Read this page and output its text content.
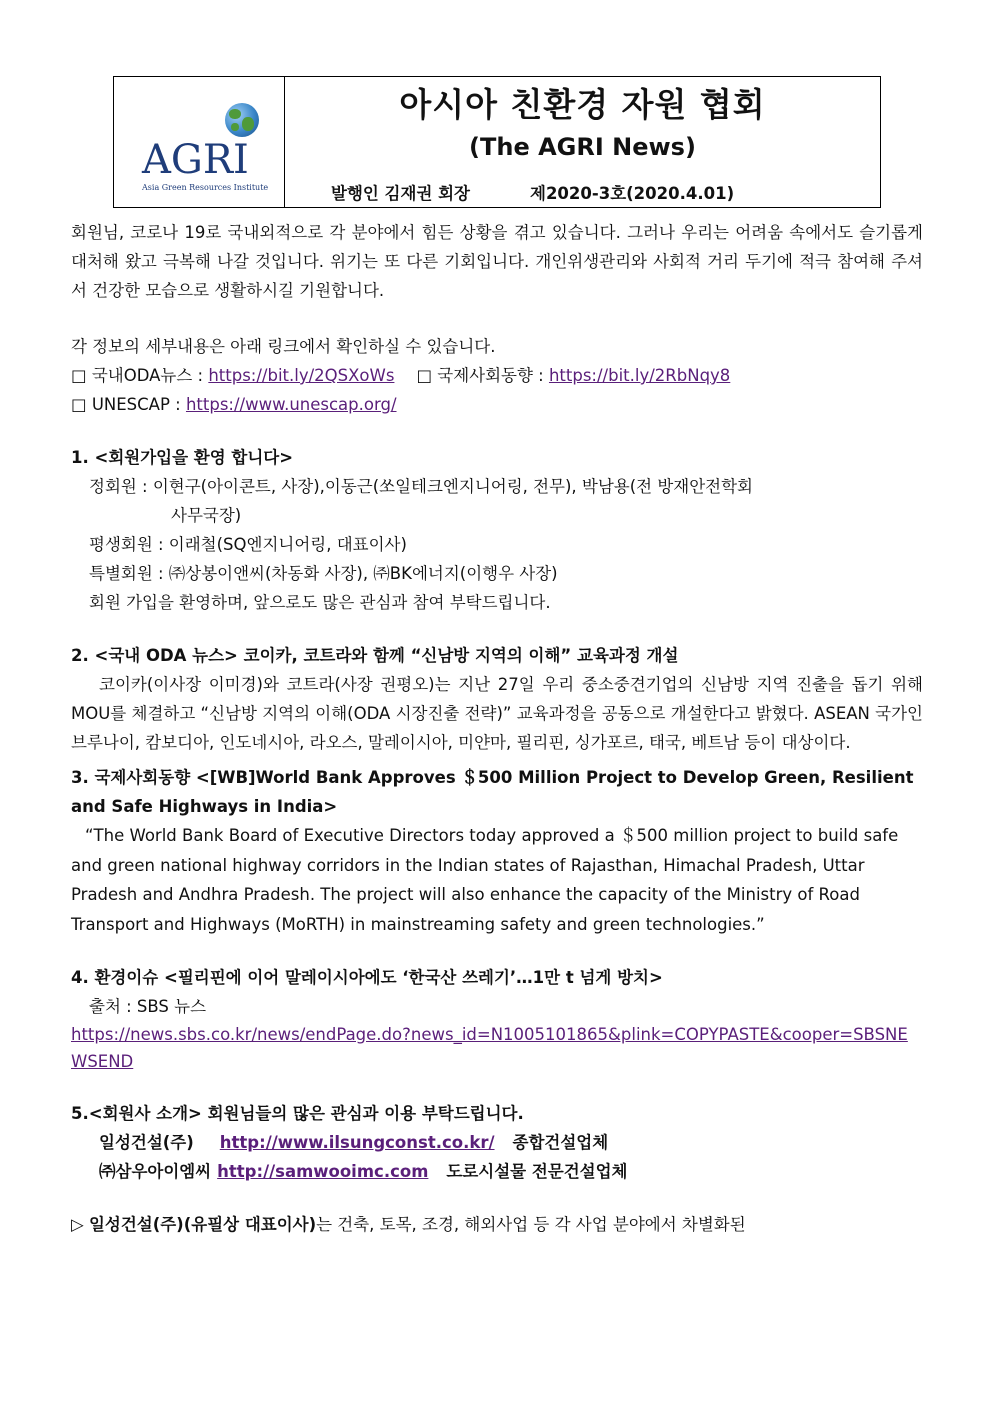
AGRI
Asia Green Resources Institute
아시아 친환경 자원 협회
(The AGRI News)
발행인 김재권 회장	제2020-3호(2020.4.01)

회원님, 코로나 19로 국내외적으로 각 분야에서 힘든 상황을 겪고 있습니다. 그러나 우리는 어려움 속에서도 슬기롭게 대처해 왔고 극복해 나갈 것입니다. 위기는 또 다른 기회입니다. 개인위생관리와 사회적 거리 두기에 적극 참여해 주셔서 건강한 모습으로 생활하시길 기원합니다.

각 정보의 세부내용은 아래 링크에서 확인하실 수 있습니다.

□ 국내ODA뉴스 : https://bit.ly/2QSXoWs □ 국제사회동향 : https://bit.ly/2RbNqy8

□ UNESCAP : https://www.unescap.org/

1. <회원가입을 환영 합니다>

정회원 : 이현구(아이콘트, 사장),이동근(쏘일테크엔지니어링, 전무), 박남용(전 방재안전학회

사무국장)

평생회원 : 이래철(SQ엔지니어링, 대표이사)

특별회원 : ㈜상봉이앤씨(차동화 사장), ㈜BK에너지(이행우 사장)

회원 가입을 환영하며, 앞으로도 많은 관심과 참여 부탁드립니다.

2. <국내 ODA 뉴스> 코이카, 코트라와 함께 “신남방 지역의 이해” 교육과정 개설

코이카(이사장 이미경)와 코트라(사장 권평오)는 지난 27일 우리 중소중견기업의 신남방 지역 진출을 돕기 위해 MOU를 체결하고 “신남방 지역의 이해(ODA 시장진출 전략)” 교육과정을 공동으로 개설한다고 밝혔다. ASEAN 국가인 브루나이, 캄보디아, 인도네시아, 라오스, 말레이시아, 미얀마, 필리핀, 싱가포르, 태국, 베트남 등이 대상이다.

3. 국제사회동향 <[WB]World Bank Approves ＄500 Million Project to Develop Green, Resilient and Safe Highways in India>

“The World Bank Board of Executive Directors today approved a ＄500 million project to build safe and green national highway corridors in the Indian states of Rajasthan, Himachal Pradesh, Uttar Pradesh and Andhra Pradesh. The project will also enhance the capacity of the Ministry of Road Transport and Highways (MoRTH) in mainstreaming safety and green technologies.”

4. 환경이슈 <필리핀에 이어 말레이시아에도 ‘한국산 쓰레기’…1만 t 넘게 방치>

출처 : SBS 뉴스

https://news.sbs.co.kr/news/endPage.do?news_id=N1005101865&plink=COPYPASTE&cooper=SBSNEWSEND

5.<회원사 소개> 회원님들의 많은 관심과 이용 부탁드립니다.

일성건설(주) http://www.ilsungconst.co.kr/ 종합건설업체

㈜삼우아이엠씨 http://samwooimc.com 도로시설물 전문건설업체

▷ 일성건설(주)(유필상 대표이사)는 건축, 토목, 조경, 해외사업 등 각 사업 분야에서 차별화된
